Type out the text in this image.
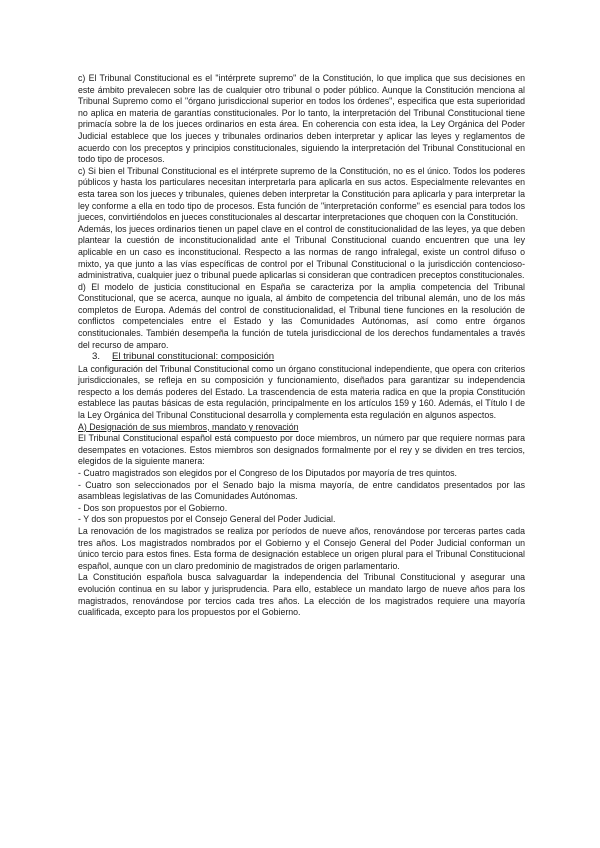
c) El Tribunal Constitucional es el "intérprete supremo" de la Constitución, lo que implica que sus decisiones en este ámbito prevalecen sobre las de cualquier otro tribunal o poder público. Aunque la Constitución menciona al Tribunal Supremo como el "órgano jurisdiccional superior en todos los órdenes", especifica que esta superioridad no aplica en materia de garantías constitucionales. Por lo tanto, la interpretación del Tribunal Constitucional tiene primacía sobre la de los jueces ordinarios en esta área. En coherencia con esta idea, la Ley Orgánica del Poder Judicial establece que los jueces y tribunales ordinarios deben interpretar y aplicar las leyes y reglamentos de acuerdo con los preceptos y principios constitucionales, siguiendo la interpretación del Tribunal Constitucional en todo tipo de procesos.

c) Si bien el Tribunal Constitucional es el intérprete supremo de la Constitución, no es el único. Todos los poderes públicos y hasta los particulares necesitan interpretarla para aplicarla en sus actos. Especialmente relevantes en esta tarea son los jueces y tribunales, quienes deben interpretar la Constitución para aplicarla y para interpretar la ley conforme a ella en todo tipo de procesos. Esta función de "interpretación conforme" es esencial para todos los jueces, convirtiéndolos en jueces constitucionales al descartar interpretaciones que choquen con la Constitución.

Además, los jueces ordinarios tienen un papel clave en el control de constitucionalidad de las leyes, ya que deben plantear la cuestión de inconstitucionalidad ante el Tribunal Constitucional cuando encuentren que una ley aplicable en un caso es inconstitucional. Respecto a las normas de rango infralegal, existe un control difuso o mixto, ya que junto a las vías específicas de control por el Tribunal Constitucional o la jurisdicción contencioso-administrativa, cualquier juez o tribunal puede aplicarlas si consideran que contradicen preceptos constitucionales.

d) El modelo de justicia constitucional en España se caracteriza por la amplia competencia del Tribunal Constitucional, que se acerca, aunque no iguala, al ámbito de competencia del tribunal alemán, uno de los más completos de Europa. Además del control de constitucionalidad, el Tribunal tiene funciones en la resolución de conflictos competenciales entre el Estado y las Comunidades Autónomas, así como entre órganos constitucionales. También desempeña la función de tutela jurisdiccional de los derechos fundamentales a través del recurso de amparo.

3. El tribunal constitucional: composición

La configuración del Tribunal Constitucional como un órgano constitucional independiente, que opera con criterios jurisdiccionales, se refleja en su composición y funcionamiento, diseñados para garantizar su independencia respecto a los demás poderes del Estado. La trascendencia de esta materia radica en que la propia Constitución establece las pautas básicas de esta regulación, principalmente en los artículos 159 y 160. Además, el Título I de la Ley Orgánica del Tribunal Constitucional desarrolla y complementa esta regulación en algunos aspectos.

A) Designación de sus miembros, mandato y renovación

El Tribunal Constitucional español está compuesto por doce miembros, un número par que requiere normas para desempates en votaciones. Estos miembros son designados formalmente por el rey y se dividen en tres tercios, elegidos de la siguiente manera:

- Cuatro magistrados son elegidos por el Congreso de los Diputados por mayoría de tres quintos.

- Cuatro son seleccionados por el Senado bajo la misma mayoría, de entre candidatos presentados por las asambleas legislativas de las Comunidades Autónomas.

- Dos son propuestos por el Gobierno.

- Y dos son propuestos por el Consejo General del Poder Judicial.

La renovación de los magistrados se realiza por períodos de nueve años, renovándose por terceras partes cada tres años. Los magistrados nombrados por el Gobierno y el Consejo General del Poder Judicial conforman un único tercio para estos fines. Esta forma de designación establece un origen plural para el Tribunal Constitucional español, aunque con un claro predominio de magistrados de origen parlamentario.

La Constitución española busca salvaguardar la independencia del Tribunal Constitucional y asegurar una evolución continua en su labor y jurisprudencia. Para ello, establece un mandato largo de nueve años para los magistrados, renovándose por tercios cada tres años. La elección de los magistrados requiere una mayoría cualificada, excepto para los propuestos por el Gobierno.
